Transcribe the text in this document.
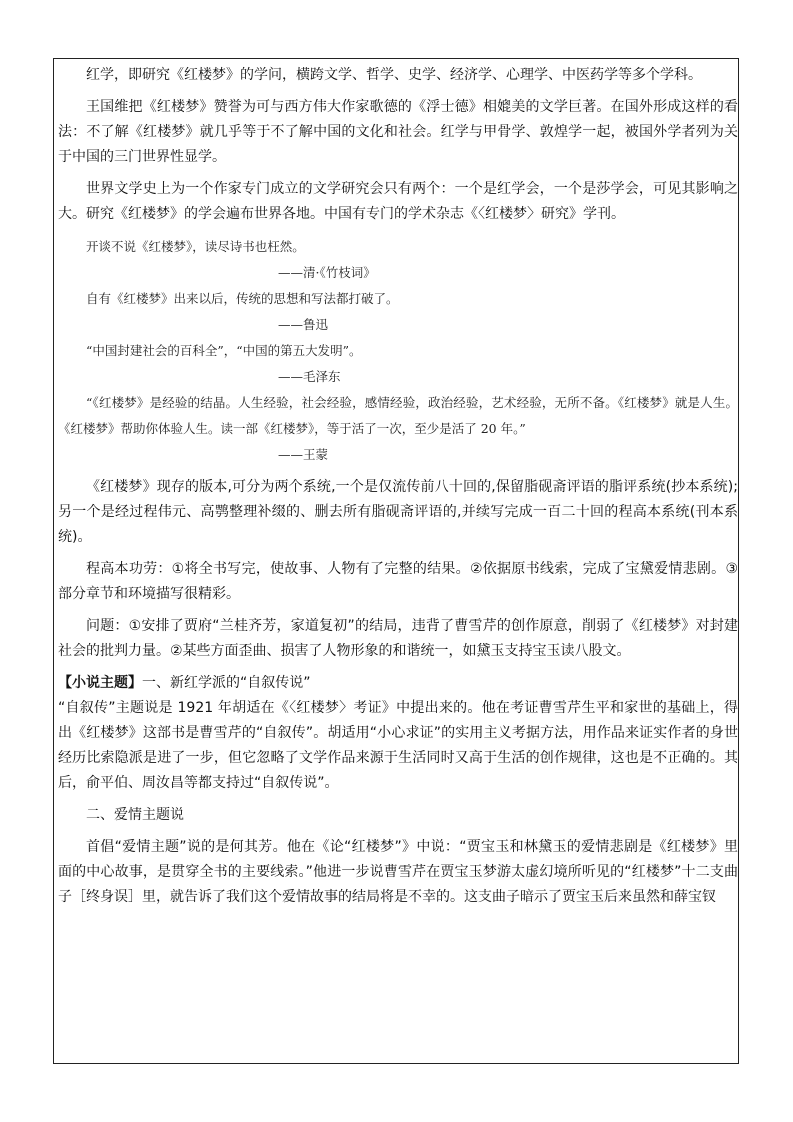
红学，即研究《红楼梦》的学问，横跨文学、哲学、史学、经济学、心理学、中医药学等多个学科。

王国维把《红楼梦》赞誉为可与西方伟大作家歌德的《浮士德》相媲美的文学巨著。在国外形成这样的看法：不了解《红楼梦》就几乎等于不了解中国的文化和社会。红学与甲骨学、敦煌学一起，被国外学者列为关于中国的三门世界性显学。

世界文学史上为一个作家专门成立的文学研究会只有两个：一个是红学会，一个是莎学会，可见其影响之大。研究《红楼梦》的学会遍布世界各地。中国有专门的学术杂志《〈红楼梦〉研究》学刊。

开谈不说《红楼梦》，读尽诗书也枉然。

——清·《竹枝词》

自有《红楼梦》出来以后，传统的思想和写法都打破了。

——鲁迅

“中国封建社会的百科全”，“中国的第五大发明”。

——毛泽东

“《红楼梦》是经验的结晶。人生经验，社会经验，感情经验，政治经验，艺术经验，无所不备。《红楼梦》就是人生。《红楼梦》帮助你体验人生。读一部《红楼梦》，等于活了一次，至少是活了 20 年。”

——王蒙

《红楼梦》现存的版本,可分为两个系统,一个是仅流传前八十回的,保留脂砚斋评语的脂评系统(抄本系统);另一个是经过程伟元、高鹗整理补缀的、删去所有脂砚斋评语的,并续写完成一百二十回的程高本系统(刊本系统)。

程高本功劳：①将全书写完，使故事、人物有了完整的结果。②依据原书线索，完成了宝黛爱情悲剧。③部分章节和环境描写很精彩。

问题：①安排了贾府“兰桂齐芳，家道复初”的结局，违背了曹雪芹的创作原意，削弱了《红楼梦》对封建社会的批判力量。②某些方面歪曲、损害了人物形象的和谐统一，如黛玉支持宝玉读八股文。

【小说主题】一、新红学派的“自叙传说”

“自叙传”主题说是 1921 年胡适在《〈红楼梦〉考证》中提出来的。他在考证曹雪芹生平和家世的基础上，得出《红楼梦》这部书是曹雪芹的“自叙传”。胡适用“小心求证”的实用主义考据方法，用作品来证实作者的身世经历比索隐派是进了一步，但它忽略了文学作品来源于生活同时又高于生活的创作规律，这也是不正确的。其后，俞平伯、周汝昌等都支持过“自叙传说”。

二、爱情主题说

首倡“爱情主题”说的是何其芳。他在《论“红楼梦”》中说：“贾宝玉和林黛玉的爱情悲剧是《红楼梦》里面的中心故事，是贯穿全书的主要线索。”他进一步说曹雪芹在贾宝玉梦游太虚幻境所听见的“红楼梦”十二支曲子［终身误］里，就告诉了我们这个爱情故事的结局将是不幸的。这支曲子暗示了贾宝玉后来虽然和薛宝钗
